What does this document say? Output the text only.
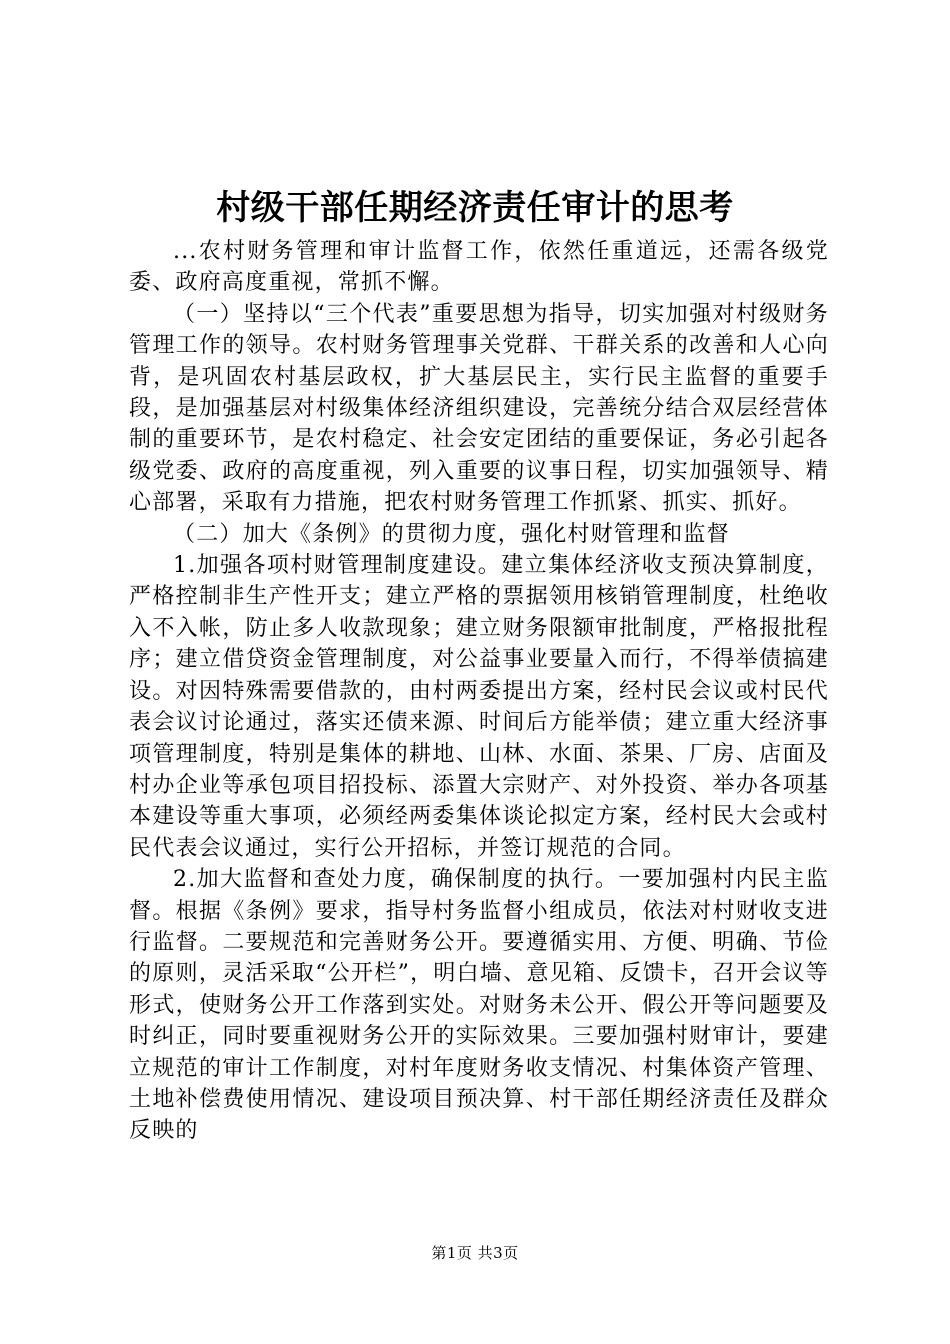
村级干部任期经济责任审计的思考

...农村财务管理和审计监督工作，依然任重道远，还需各级党委、政府高度重视，常抓不懈。

（一）坚持以“三个代表”重要思想为指导，切实加强对村级财务管理工作的领导。农村财务管理事关党群、干群关系的改善和人心向背，是巩固农村基层政权，扩大基层民主，实行民主监督的重要手段，是加强基层对村级集体经济组织建设，完善统分结合双层经营体制的重要环节，是农村稳定、社会安定团结的重要保证，务必引起各级党委、政府的高度重视，列入重要的议事日程，切实加强领导、精心部署，采取有力措施，把农村财务管理工作抓紧、抓实、抓好。

（二）加大《条例》的贯彻力度，强化村财管理和监督

1.加强各项村财管理制度建设。建立集体经济收支预决算制度，严格控制非生产性开支；建立严格的票据领用核销管理制度，杜绝收入不入帐，防止多人收款现象；建立财务限额审批制度，严格报批程序；建立借贷资金管理制度，对公益事业要量入而行，不得举债搞建设。对因特殊需要借款的，由村两委提出方案，经村民会议或村民代表会议讨论通过，落实还债来源、时间后方能举债；建立重大经济事项管理制度，特别是集体的耕地、山林、水面、茶果、厂房、店面及村办企业等承包项目招投标、添置大宗财产、对外投资、举办各项基本建设等重大事项，必须经两委集体谈论拟定方案，经村民大会或村民代表会议通过，实行公开招标，并签订规范的合同。

2.加大监督和查处力度，确保制度的执行。一要加强村内民主监督。根据《条例》要求，指导村务监督小组成员，依法对村财收支进行监督。二要规范和完善财务公开。要遵循实用、方便、明确、节俭的原则，灵活采取“公开栏”，明白墙、意见箱、反馈卡，召开会议等形式，使财务公开工作落到实处。对财务未公开、假公开等问题要及时纠正，同时要重视财务公开的实际效果。三要加强村财审计，要建立规范的审计工作制度，对村年度财务收支情况、村集体资产管理、土地补偿费使用情况、建设项目预决算、村干部任期经济责任及群众反映的

第1页 共3页
